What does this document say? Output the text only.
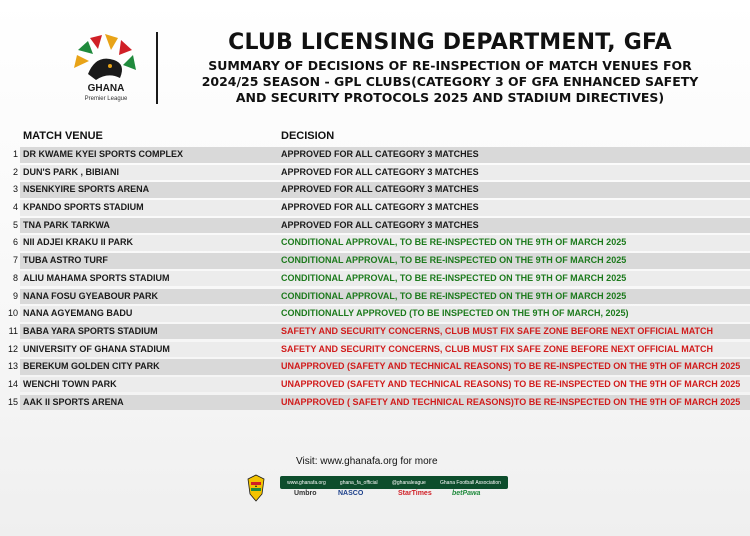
GHANA
Premier League
CLUB LICENSING DEPARTMENT, GFA
SUMMARY OF DECISIONS OF RE-INSPECTION OF MATCH VENUES FOR
2024/25 SEASON - GPL CLUBS(CATEGORY 3 OF GFA ENHANCED SAFETY
AND SECURITY PROTOCOLS 2025 AND STADIUM DIRECTIVES)
MATCH VENUE	DECISION
1 DR KWAME KYEI SPORTS COMPLEX	APPROVED FOR ALL CATEGORY 3 MATCHES
2 DUN'S PARK , BIBIANI	APPROVED FOR ALL CATEGORY 3 MATCHES
3 NSENKYIRE SPORTS ARENA	APPROVED FOR ALL CATEGORY 3 MATCHES
4 KPANDO SPORTS STADIUM	APPROVED FOR ALL CATEGORY 3 MATCHES
5 TNA PARK TARKWA	APPROVED FOR ALL CATEGORY 3 MATCHES
6 NII ADJEI KRAKU II PARK	CONDITIONAL APPROVAL, TO BE RE-INSPECTED ON THE 9TH OF MARCH 2025
7 TUBA ASTRO TURF	CONDITIONAL APPROVAL, TO BE RE-INSPECTED ON THE 9TH OF MARCH 2025
8 ALIU MAHAMA SPORTS STADIUM	CONDITIONAL APPROVAL, TO BE RE-INSPECTED ON THE 9TH OF MARCH 2025
9 NANA FOSU GYEABOUR PARK	CONDITIONAL APPROVAL, TO BE RE-INSPECTED ON THE 9TH OF MARCH 2025
10 NANA AGYEMANG BADU	CONDITIONALLY APPROVED (TO BE INSPECTED ON THE 9TH OF MARCH, 2025)
11 BABA YARA SPORTS STADIUM	SAFETY AND SECURITY CONCERNS, CLUB MUST FIX SAFE ZONE BEFORE NEXT OFFICIAL MATCH
12 UNIVERSITY OF GHANA STADIUM	SAFETY AND SECURITY CONCERNS, CLUB MUST FIX SAFE ZONE BEFORE NEXT OFFICIAL MATCH
13 BEREKUM GOLDEN CITY PARK	UNAPPROVED (SAFETY AND TECHNICAL REASONS) TO BE RE-INSPECTED ON THE 9TH OF MARCH 2025
14 WENCHI TOWN PARK	UNAPPROVED (SAFETY AND TECHNICAL REASONS) TO BE RE-INSPECTED ON THE 9TH OF MARCH 2025
15 AAK II SPORTS ARENA	UNAPPROVED ( SAFETY AND TECHNICAL REASONS)TO BE RE-INSPECTED ON THE 9TH OF MARCH 2025
Visit: www.ghanafa.org for more
www.ghanafa.org	ghana_fa_official	@ghanaleague	Ghana Football Association
Umbro	NASCO	StarTimes	betPawa
